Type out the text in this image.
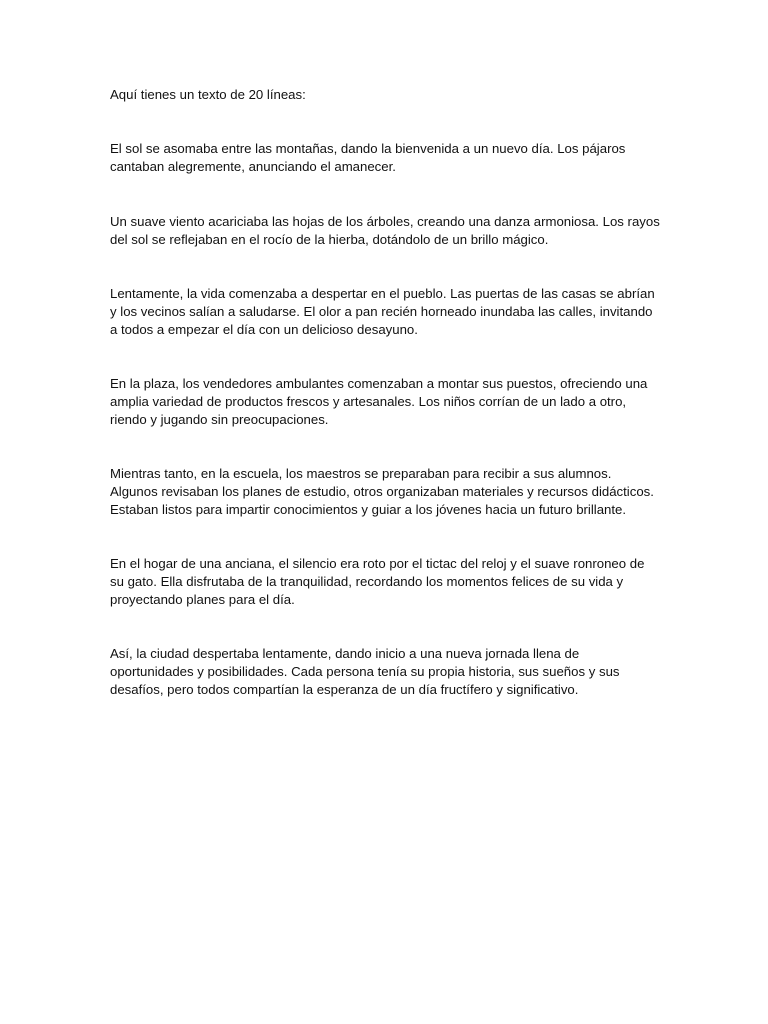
Aquí tienes un texto de 20 líneas:

El sol se asomaba entre las montañas, dando la bienvenida a un nuevo día. Los pájaros cantaban alegremente, anunciando el amanecer.

Un suave viento acariciaba las hojas de los árboles, creando una danza armoniosa. Los rayos del sol se reflejaban en el rocío de la hierba, dotándolo de un brillo mágico.

Lentamente, la vida comenzaba a despertar en el pueblo. Las puertas de las casas se abrían y los vecinos salían a saludarse. El olor a pan recién horneado inundaba las calles, invitando a todos a empezar el día con un delicioso desayuno.

En la plaza, los vendedores ambulantes comenzaban a montar sus puestos, ofreciendo una amplia variedad de productos frescos y artesanales. Los niños corrían de un lado a otro, riendo y jugando sin preocupaciones.

Mientras tanto, en la escuela, los maestros se preparaban para recibir a sus alumnos. Algunos revisaban los planes de estudio, otros organizaban materiales y recursos didácticos. Estaban listos para impartir conocimientos y guiar a los jóvenes hacia un futuro brillante.

En el hogar de una anciana, el silencio era roto por el tictac del reloj y el suave ronroneo de su gato. Ella disfrutaba de la tranquilidad, recordando los momentos felices de su vida y proyectando planes para el día.

Así, la ciudad despertaba lentamente, dando inicio a una nueva jornada llena de oportunidades y posibilidades. Cada persona tenía su propia historia, sus sueños y sus desafíos, pero todos compartían la esperanza de un día fructífero y significativo.
